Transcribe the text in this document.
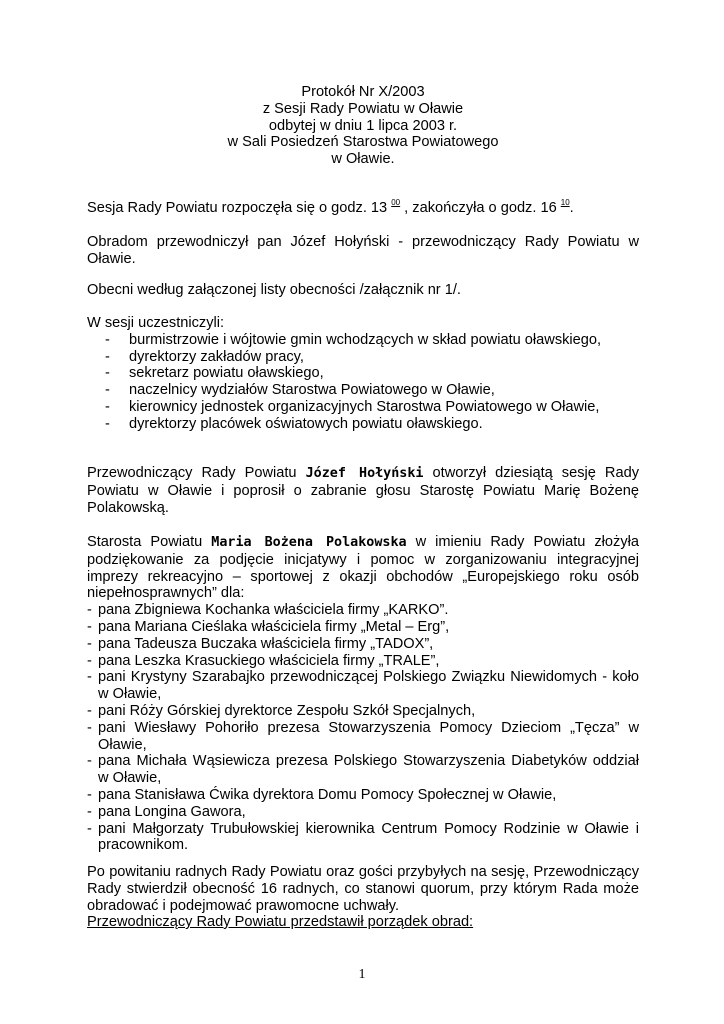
Protokół Nr X/2003
z Sesji Rady Powiatu w Oławie
odbytej w dniu 1 lipca 2003 r.
w Sali Posiedzeń Starostwa Powiatowego
w Oławie.

Sesja Rady Powiatu rozpoczęła się o godz. 13 $^{00}$ , zakończyła o godz. 16 $^{10}$.

Obradom przewodniczył pan Józef Hołyński - przewodniczący Rady Powiatu w Oławie.

Obecni według załączonej listy obecności /załącznik nr 1/.

W sesji uczestniczyli:
- burmistrzowie i wójtowie gmin wchodzących w skład powiatu oławskiego,
- dyrektorzy zakładów pracy,
- sekretarz powiatu oławskiego,
- naczelnicy wydziałów Starostwa Powiatowego w Oławie,
- kierownicy jednostek organizacyjnych Starostwa Powiatowego w Oławie,
- dyrektorzy placówek oświatowych powiatu oławskiego.

Przewodniczący Rady Powiatu Józef Hołyński otworzył dziesiątą sesję Rady Powiatu w Oławie i poprosił o zabranie głosu Starostę Powiatu Marię Bożenę Polakowską.

Starosta Powiatu Maria Bożena Polakowska w imieniu Rady Powiatu złożyła podziękowanie za podjęcie inicjatywy i pomoc w zorganizowaniu integracyjnej imprezy rekreacyjno – sportowej z okazji obchodów „Europejskiego roku osób niepełnosprawnych” dla:

- pana Zbigniewa Kochanka właściciela firmy „KARKO”.
- pana Mariana Cieślaka właściciela firmy „Metal – Erg”,
- pana Tadeusza Buczaka właściciela firmy „TADOX”,
- pana Leszka Krasuckiego właściciela firmy „TRALE”,
- pani Krystyny Szarabajko przewodniczącej Polskiego Związku Niewidomych - koło w Oławie,
- pani Róży Górskiej dyrektorce Zespołu Szkół Specjalnych,
- pani Wiesławy Pohoriło prezesa Stowarzyszenia Pomocy Dzieciom „Tęcza” w Oławie,
- pana Michała Wąsiewicza prezesa Polskiego Stowarzyszenia Diabetyków oddział w Oławie,
- pana Stanisława Ćwika dyrektora Domu Pomocy Społecznej w Oławie,
- pana Longina Gawora,
- pani Małgorzaty Trubułowskiej kierownika Centrum Pomocy Rodzinie w Oławie i pracownikom.

Po powitaniu radnych Rady Powiatu oraz gości przybyłych na sesję, Przewodniczący Rady stwierdził obecność 16 radnych, co stanowi quorum, przy którym Rada może obradować i podejmować prawomocne uchwały.

Przewodniczący Rady Powiatu przedstawił porządek obrad:

1
